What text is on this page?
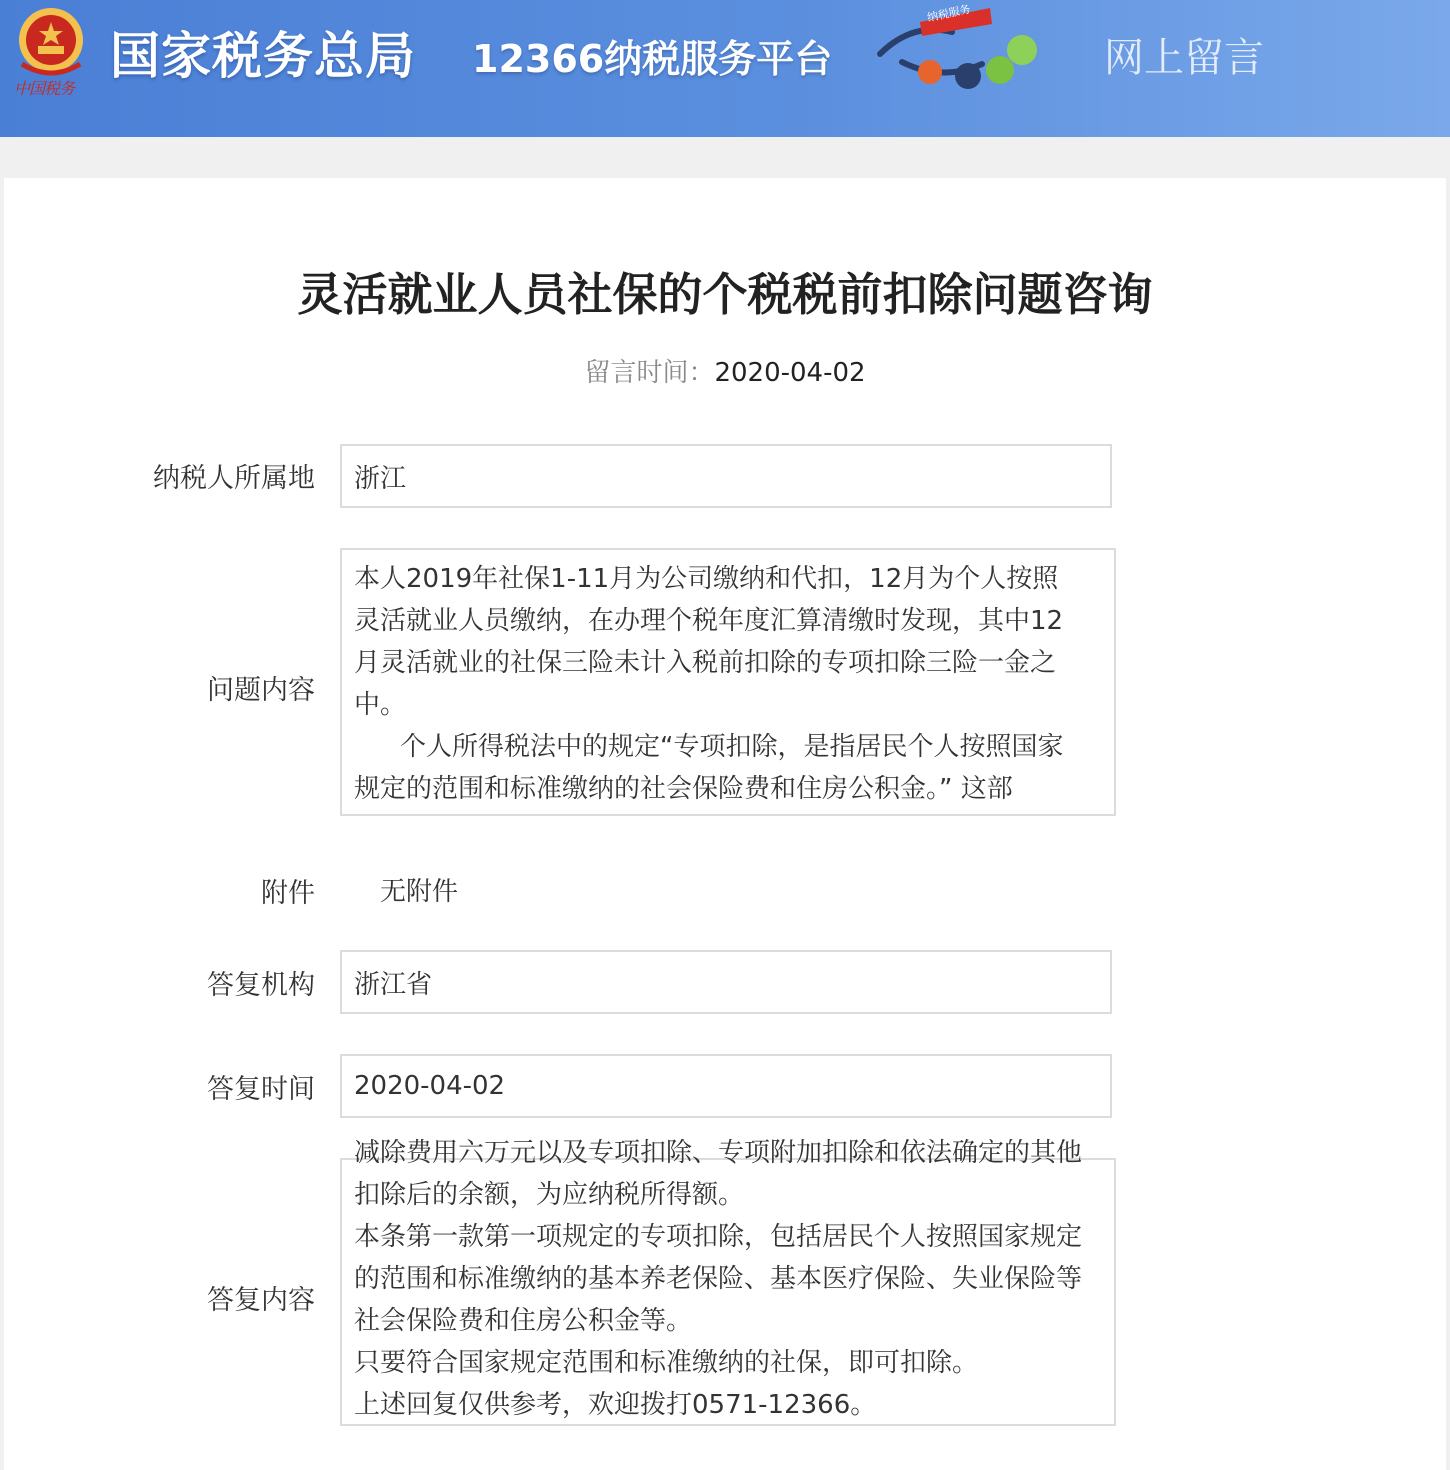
中国税务
国家税务总局 12366纳税服务平台
纳税服务
网上留言
灵活就业人员社保的个税税前扣除问题咨询
留言时间：2020-04-02
纳税人所属地	浙江
问题内容

本人2019年社保1-11月为公司缴纳和代扣，12月为个人按照灵活就业人员缴纳，在办理个税年度汇算清缴时发现，其中12月灵活就业的社保三险未计入税前扣除的专项扣除三险一金之中。

个人所得税法中的规定“专项扣除，是指居民个人按照国家规定的范围和标准缴纳的社会保险费和住房公积金。” 这部

附件	无附件
答复机构	浙江省
答复时间	2020-04-02
答复内容

减除费用六万元以及专项扣除、专项附加扣除和依法确定的其他扣除后的余额，为应纳税所得额。

本条第一款第一项规定的专项扣除，包括居民个人按照国家规定的范围和标准缴纳的基本养老保险、基本医疗保险、失业保险等社会保险费和住房公积金等。

只要符合国家规定范围和标准缴纳的社保，即可扣除。

上述回复仅供参考，欢迎拨打0571-12366。
